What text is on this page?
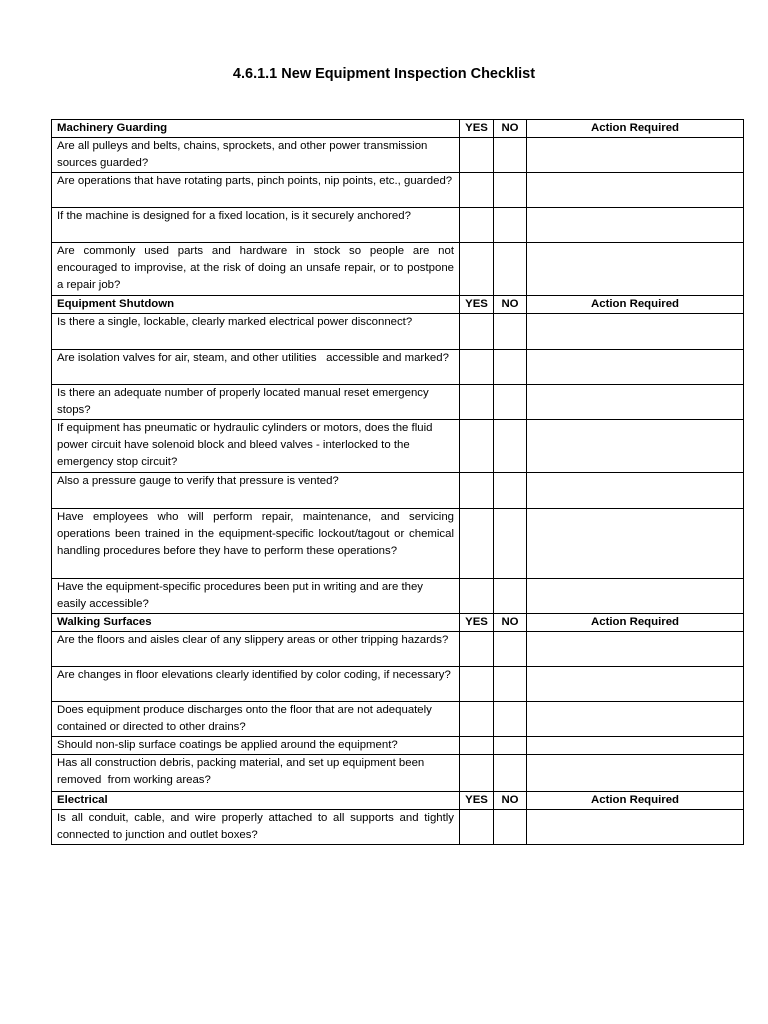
4.6.1.1 New Equipment Inspection Checklist
Machinery Guarding	YES	NO	Action Required
Are all pulleys and belts, chains, sprockets, and other power transmission sources guarded?			
Are operations that have rotating parts, pinch points, nip points, etc., guarded?			
If the machine is designed for a fixed location, is it securely anchored?			
Are commonly used parts and hardware in stock so people are not encouraged to improvise, at the risk of doing an unsafe repair, or to postpone a repair job?			
Equipment Shutdown	YES	NO	Action Required
Is there a single, lockable, clearly marked electrical power disconnect?			
Are isolation valves for air, steam, and other utilities   accessible and marked?			
Is there an adequate number of properly located manual reset emergency stops?			
If equipment has pneumatic or hydraulic cylinders or motors, does the fluid power circuit have solenoid block and bleed valves - interlocked to the emergency stop circuit?			
Also a pressure gauge to verify that pressure is vented?			
Have employees who will perform repair, maintenance, and servicing operations been trained in the equipment-specific lockout/tagout or chemical handling procedures before they have to perform these operations?			
Have the equipment-specific procedures been put in writing and are they easily accessible?			
Walking Surfaces	YES	NO	Action Required
Are the floors and aisles clear of any slippery areas or other tripping hazards?			
Are changes in floor elevations clearly identified by color coding, if necessary?			
Does equipment produce discharges onto the floor that are not adequately contained or directed to other drains?			
Should non-slip surface coatings be applied around the equipment?			
Has all construction debris, packing material, and set up equipment been removed  from working areas?			
Electrical	YES	NO	Action Required
Is all conduit, cable, and wire properly attached to all supports and tightly connected to junction and outlet boxes?			
